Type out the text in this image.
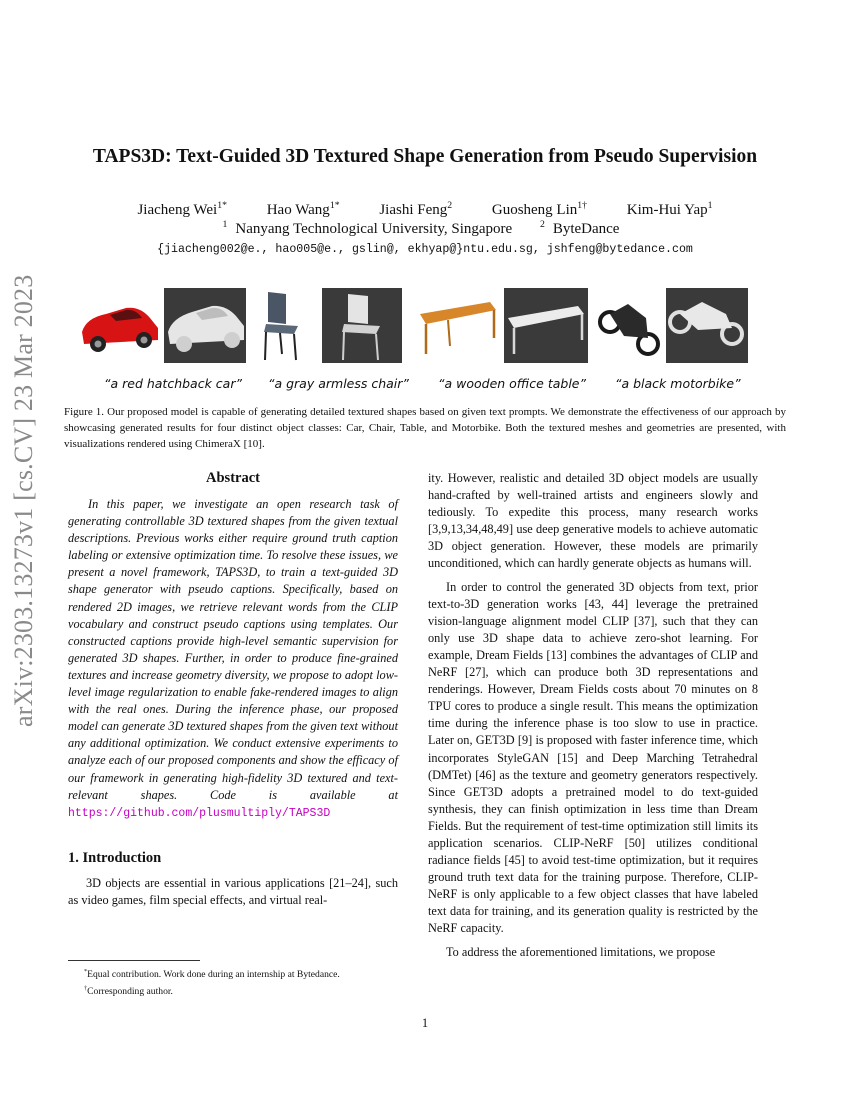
arXiv:2303.13273v1 [cs.CV] 23 Mar 2023
TAPS3D: Text-Guided 3D Textured Shape Generation from Pseudo Supervision
Jiacheng Wei$^{1*}$	Hao Wang$^{1*}$	Jiashi Feng$^2$	Guosheng Lin$^{1\dagger}$	Kim-Hui Yap$^1$
$^1$ Nanyang Technological University, Singapore	$^2$ ByteDance
{jiacheng002@e., hao005@e., gslin@, ekhyap@}ntu.edu.sg, jshfeng@bytedance.com
“a red hatchback car” “a gray armless chair” “a wooden office table” “a black motorbike”
Figure 1. Our proposed model is capable of generating detailed textured shapes based on given text prompts. We demonstrate the effectiveness of our approach by showcasing generated results for four distinct object classes: Car, Chair, Table, and Motorbike. Both the textured meshes and geometries are presented, with visualizations rendered using ChimeraX [10].
Abstract

In this paper, we investigate an open research task of generating controllable 3D textured shapes from the given textual descriptions. Previous works either require ground truth caption labeling or extensive optimization time. To resolve these issues, we present a novel framework, TAPS3D, to train a text-guided 3D shape generator with pseudo captions. Specifically, based on rendered 2D images, we retrieve relevant words from the CLIP vocabulary and construct pseudo captions using templates. Our constructed captions provide high-level semantic supervision for generated 3D shapes. Further, in order to produce fine-grained textures and increase geometry diversity, we propose to adopt low-level image regularization to enable fake-rendered images to align with the real ones. During the inference phase, our proposed model can generate 3D textured shapes from the given text without any additional optimization. We conduct extensive experiments to analyze each of our proposed components and show the efficacy of our framework in generating high-fidelity 3D textured and text-relevant shapes. Code is available at https://github.com/plusmultiply/TAPS3D

1. Introduction

3D objects are essential in various applications [21–24], such as video games, film special effects, and virtual real-

ity. However, realistic and detailed 3D object models are usually hand-crafted by well-trained artists and engineers slowly and tediously. To expedite this process, many research works [3,9,13,34,48,49] use deep generative models to achieve automatic 3D object generation. However, these models are primarily unconditioned, which can hardly generate objects as humans will.

In order to control the generated 3D objects from text, prior text-to-3D generation works [43, 44] leverage the pretrained vision-language alignment model CLIP [37], such that they can only use 3D shape data to achieve zero-shot learning. For example, Dream Fields [13] combines the advantages of CLIP and NeRF [27], which can produce both 3D representations and renderings. However, Dream Fields costs about 70 minutes on 8 TPU cores to produce a single result. This means the optimization time during the inference phase is too slow to use in practice. Later on, GET3D [9] is proposed with faster inference time, which incorporates StyleGAN [15] and Deep Marching Tetrahedral (DMTet) [46] as the texture and geometry generators respectively. Since GET3D adopts a pretrained model to do text-guided synthesis, they can finish optimization in less time than Dream Fields. But the requirement of test-time optimization still limits its application scenarios. CLIP-NeRF [50] utilizes conditional radiance fields [45] to avoid test-time optimization, but it requires ground truth text data for the training purpose. Therefore, CLIP-NeRF is only applicable to a few object classes that have labeled text data for training, and its generation quality is restricted by the NeRF capacity.

To address the aforementioned limitations, we propose

*Equal contribution. Work done during an internship at Bytedance.
†Corresponding author.
1
